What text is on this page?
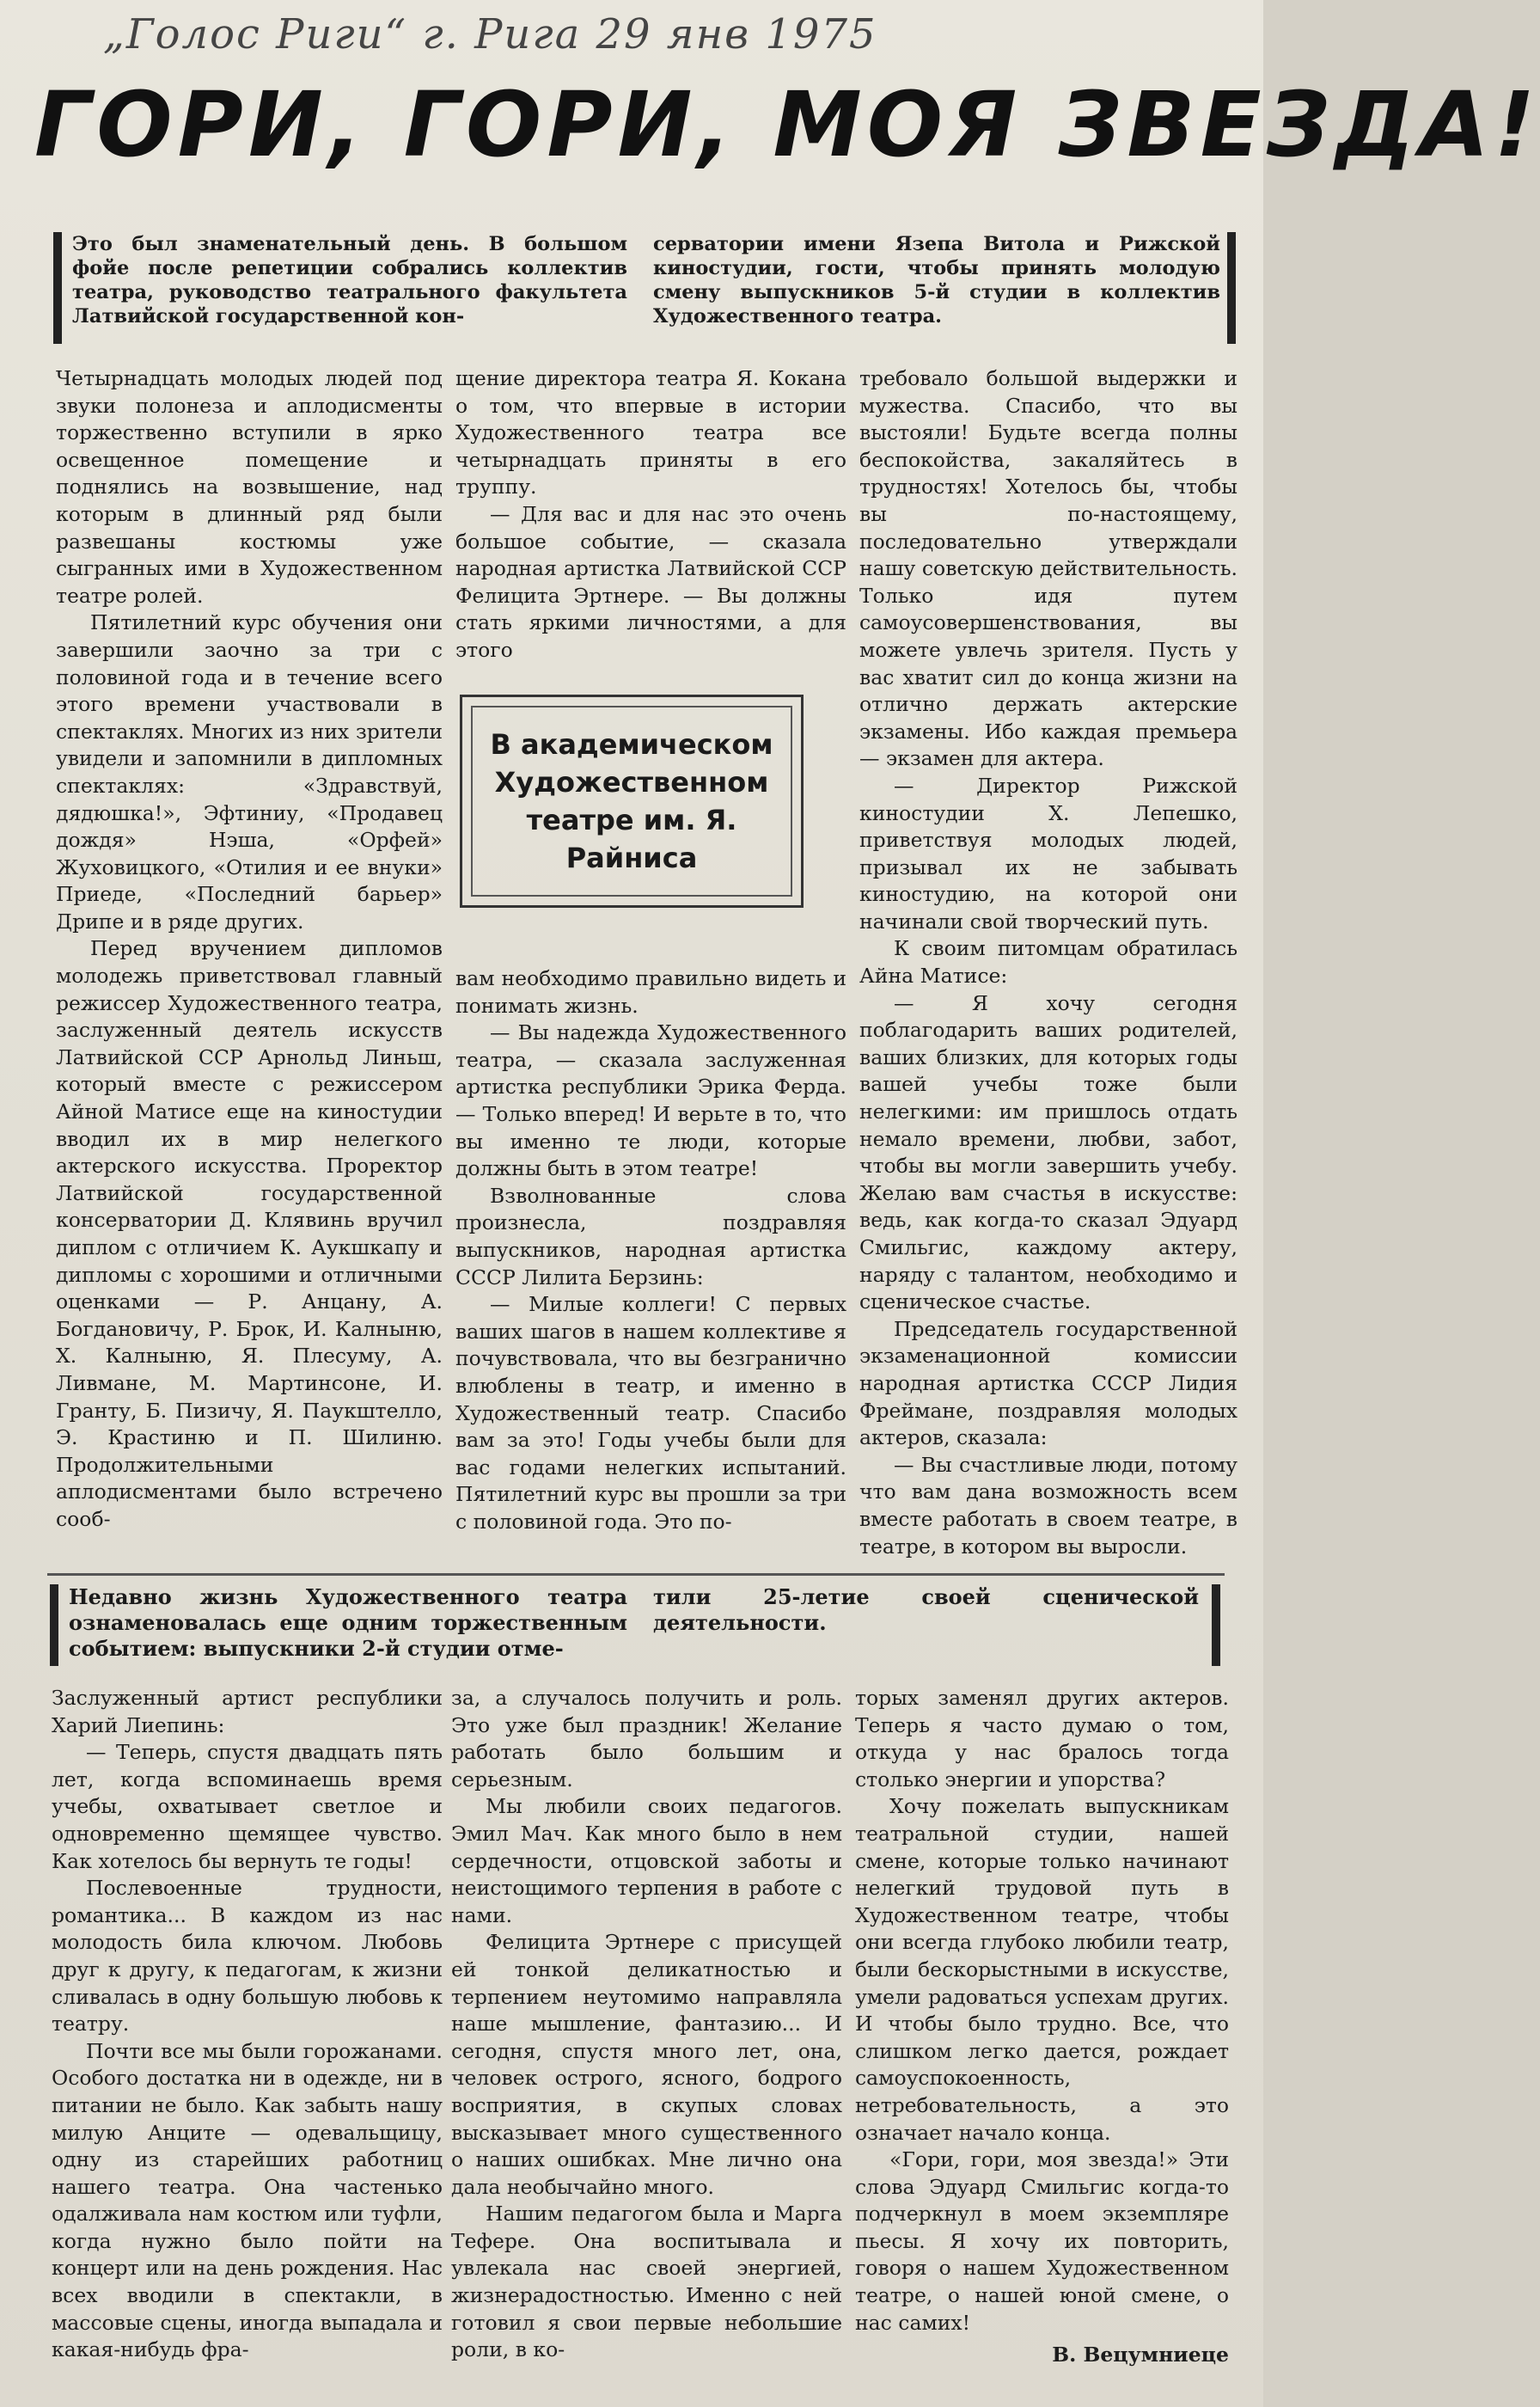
„Голос Риги“ г. Рига 29 янв 1975
ГОРИ, ГОРИ, МОЯ ЗВЕЗДА!
Это был знаменательный день. В большом фойе после репетиции собрались коллектив театра, руководство театрального факультета Латвийской государственной кон-
серватории имени Язепа Витола и Рижской киностудии, гости, чтобы принять молодую смену выпускников 5-й студии в коллектив Художественного театра.

Четырнадцать молодых людей под звуки полонеза и аплодисменты торжественно вступили в ярко освещенное помещение и поднялись на возвышение, над которым в длинный ряд были развешаны костюмы уже сыгранных ими в Художественном театре ролей.

Пятилетний курс обучения они завершили заочно за три с половиной года и в течение всего этого времени участвовали в спектаклях. Многих из них зрители увидели и запомнили в дипломных спектаклях: «Здравствуй, дядюшка!», Эфтиниу, «Продавец дождя» Нэша, «Орфей» Жуховицкого, «Отилия и ее внуки» Приеде, «Последний барьер» Дрипе и в ряде других.

Перед вручением дипломов молодежь приветствовал главный режиссер Художественного театра, заслуженный деятель искусств Латвийской ССР Арнольд Линьш, который вместе с режиссером Айной Матисе еще на киностудии вводил их в мир нелегкого актерского искусства. Проректор Латвийской государственной консерватории Д. Клявинь вручил диплом с отличием К. Аукшкапу и дипломы с хорошими и отличными оценками — Р. Анцану, А. Богдановичу, Р. Брок, И. Калныню, Х. Калныню, Я. Плесуму, А. Ливмане, М. Мартинсоне, И. Гранту, Б. Пизичу, Я. Паукштелло, Э. Крастиню и П. Шилиню. Продолжительными аплодисментами было встречено сооб-

щение директора театра Я. Кокана о том, что впервые в истории Художественного театра все четырнадцать приняты в его труппу.

— Для вас и для нас это очень большое событие, — сказала народная артистка Латвийской ССР Фелицита Эртнере. — Вы должны стать яркими личностями, а для этого

В академическом Художественном театре им. Я. Райниса

вам необходимо правильно видеть и понимать жизнь.

— Вы надежда Художественного театра, — сказала заслуженная артистка республики Эрика Ферда. — Только вперед! И верьте в то, что вы именно те люди, которые должны быть в этом театре!

Взволнованные слова произнесла, поздравляя выпускников, народная артистка СССР Лилита Берзинь:

— Милые коллеги! С первых ваших шагов в нашем коллективе я почувствовала, что вы безгранично влюблены в театр, и именно в Художественный театр. Спасибо вам за это! Годы учебы были для вас годами нелегких испытаний. Пятилетний курс вы прошли за три с половиной года. Это по-

требовало большой выдержки и мужества. Спасибо, что вы выстояли! Будьте всегда полны беспокойства, закаляйтесь в трудностях! Хотелось бы, чтобы вы по-настоящему, последовательно утверждали нашу советскую действительность. Только идя путем самоусовершенствования, вы можете увлечь зрителя. Пусть у вас хватит сил до конца жизни на отлично держать актерские экзамены. Ибо каждая премьера — экзамен для актера.

— Директор Рижской киностудии Х. Лепешко, приветствуя молодых людей, призывал их не забывать киностудию, на которой они начинали свой творческий путь.

К своим питомцам обратилась Айна Матисе:

— Я хочу сегодня поблагодарить ваших родителей, ваших близких, для которых годы вашей учебы тоже были нелегкими: им пришлось отдать немало времени, любви, забот, чтобы вы могли завершить учебу. Желаю вам счастья в искусстве: ведь, как когда-то сказал Эдуард Смильгис, каждому актеру, наряду с талантом, необходимо и сценическое счастье.

Председатель государственной экзаменационной комиссии народная артистка СССР Лидия Фреймане, поздравляя молодых актеров, сказала:

— Вы счастливые люди, потому что вам дана возможность всем вместе работать в своем театре, в театре, в котором вы выросли.

Недавно жизнь Художественного театра ознаменовалась еще одним торжественным событием: выпускники 2-й студии отме-
тили 25-летие своей сценической деятельности.

Заслуженный артист республики Харий Лиепинь:

— Теперь, спустя двадцать пять лет, когда вспоминаешь время учебы, охватывает светлое и одновременно щемящее чувство. Как хотелось бы вернуть те годы!

Послевоенные трудности, романтика... В каждом из нас молодость била ключом. Любовь друг к другу, к педагогам, к жизни сливалась в одну большую любовь к театру.

Почти все мы были горожанами. Особого достатка ни в одежде, ни в питании не было. Как забыть нашу милую Анците — одевальщицу, одну из старейших работниц нашего театра. Она частенько одалживала нам костюм или туфли, когда нужно было пойти на концерт или на день рождения. Нас всех вводили в спектакли, в массовые сцены, иногда выпадала и какая-нибудь фра-

за, а случалось получить и роль. Это уже был праздник! Желание работать было большим и серьезным.

Мы любили своих педагогов. Эмил Мач. Как много было в нем сердечности, отцовской заботы и неистощимого терпения в работе с нами.

Фелицита Эртнере с присущей ей тонкой деликатностью и терпением неутомимо направляла наше мышление, фантазию... И сегодня, спустя много лет, она, человек острого, ясного, бодрого восприятия, в скупых словах высказывает много существенного о наших ошибках. Мне лично она дала необычайно много.

Нашим педагогом была и Марга Тефере. Она воспитывала и увлекала нас своей энергией, жизнерадостностью. Именно с ней готовил я свои первые небольшие роли, в ко-

торых заменял других актеров. Теперь я часто думаю о том, откуда у нас бралось тогда столько энергии и упорства?

Хочу пожелать выпускникам театральной студии, нашей смене, которые только начинают нелегкий трудовой путь в Художественном театре, чтобы они всегда глубоко любили театр, были бескорыстными в искусстве, умели радоваться успехам других. И чтобы было трудно. Все, что слишком легко дается, рождает самоуспокоенность, нетребовательность, а это означает начало конца.

«Гори, гори, моя звезда!» Эти слова Эдуард Смильгис когда-то подчеркнул в моем экземпляре пьесы. Я хочу их повторить, говоря о нашем Художественном театре, о нашей юной смене, о нас самих!

В. Вецумниеце
